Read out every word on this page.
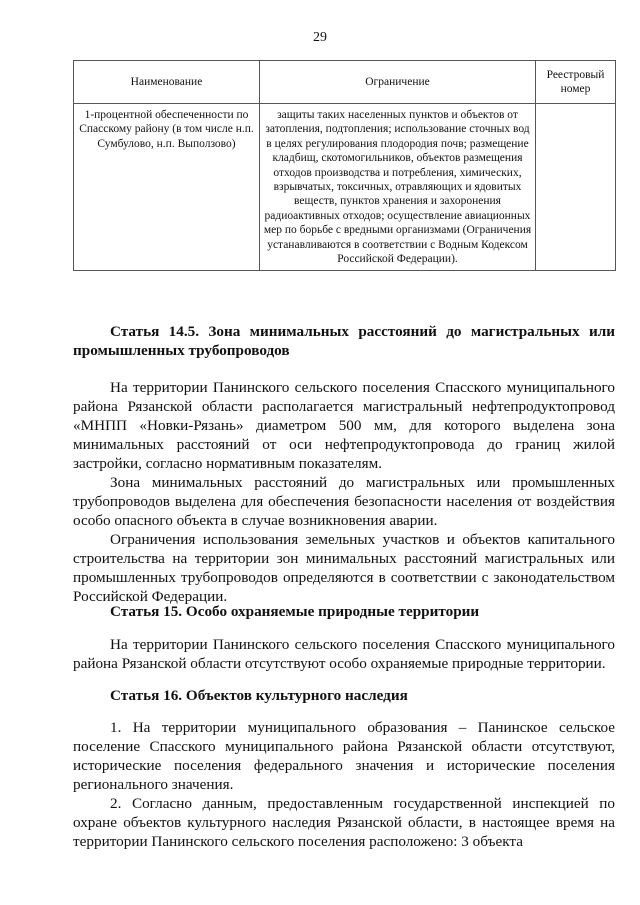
29
Наименование	Ограничение	Реестровый номер

1-процентной обеспеченности по Спасскому району (в том числе н.п. Сумбулово, н.п. Выползово)	защиты таких населенных пунктов и объектов от затопления, подтопления; использование сточных вод в целях регулирования плодородия почв; размещение кладбищ, скотомогильников, объектов размещения отходов производства и потребления, химических, взрывчатых, токсичных, отравляющих и ядовитых веществ, пунктов хранения и захоронения радиоактивных отходов; осуществление авиационных мер по борьбе с вредными организмами (Ограничения устанавливаются в соответствии с Водным Кодексом Российской Федерации).	

Статья 14.5. Зона минимальных расстояний до магистральных или промышленных трубопроводов

На территории Панинского сельского поселения Спасского муниципального района Рязанской области располагается магистральный нефтепродуктопровод «МНПП «Новки-Рязань» диаметром 500 мм, для которого выделена зона минимальных расстояний от оси нефтепродуктопровода до границ жилой застройки, согласно нормативным показателям.

Зона минимальных расстояний до магистральных или промышленных трубопроводов выделена для обеспечения безопасности населения от воздействия особо опасного объекта в случае возникновения аварии.

Ограничения использования земельных участков и объектов капитального строительства на территории зон минимальных расстояний магистральных или промышленных трубопроводов определяются в соответствии с законодательством Российской Федерации.

Статья 15. Особо охраняемые природные территории

На территории Панинского сельского поселения Спасского муниципального района Рязанской области отсутствуют особо охраняемые природные территории.

Статья 16. Объектов культурного наследия

1. На территории муниципального образования – Панинское сельское поселение Спасского муниципального района Рязанской области отсутствуют, исторические поселения федерального значения и исторические поселения регионального значения.

2. Согласно данным, предоставленным государственной инспекцией по охране объектов культурного наследия Рязанской области, в настоящее время на территории Панинского сельского поселения расположено: 3 объекта
